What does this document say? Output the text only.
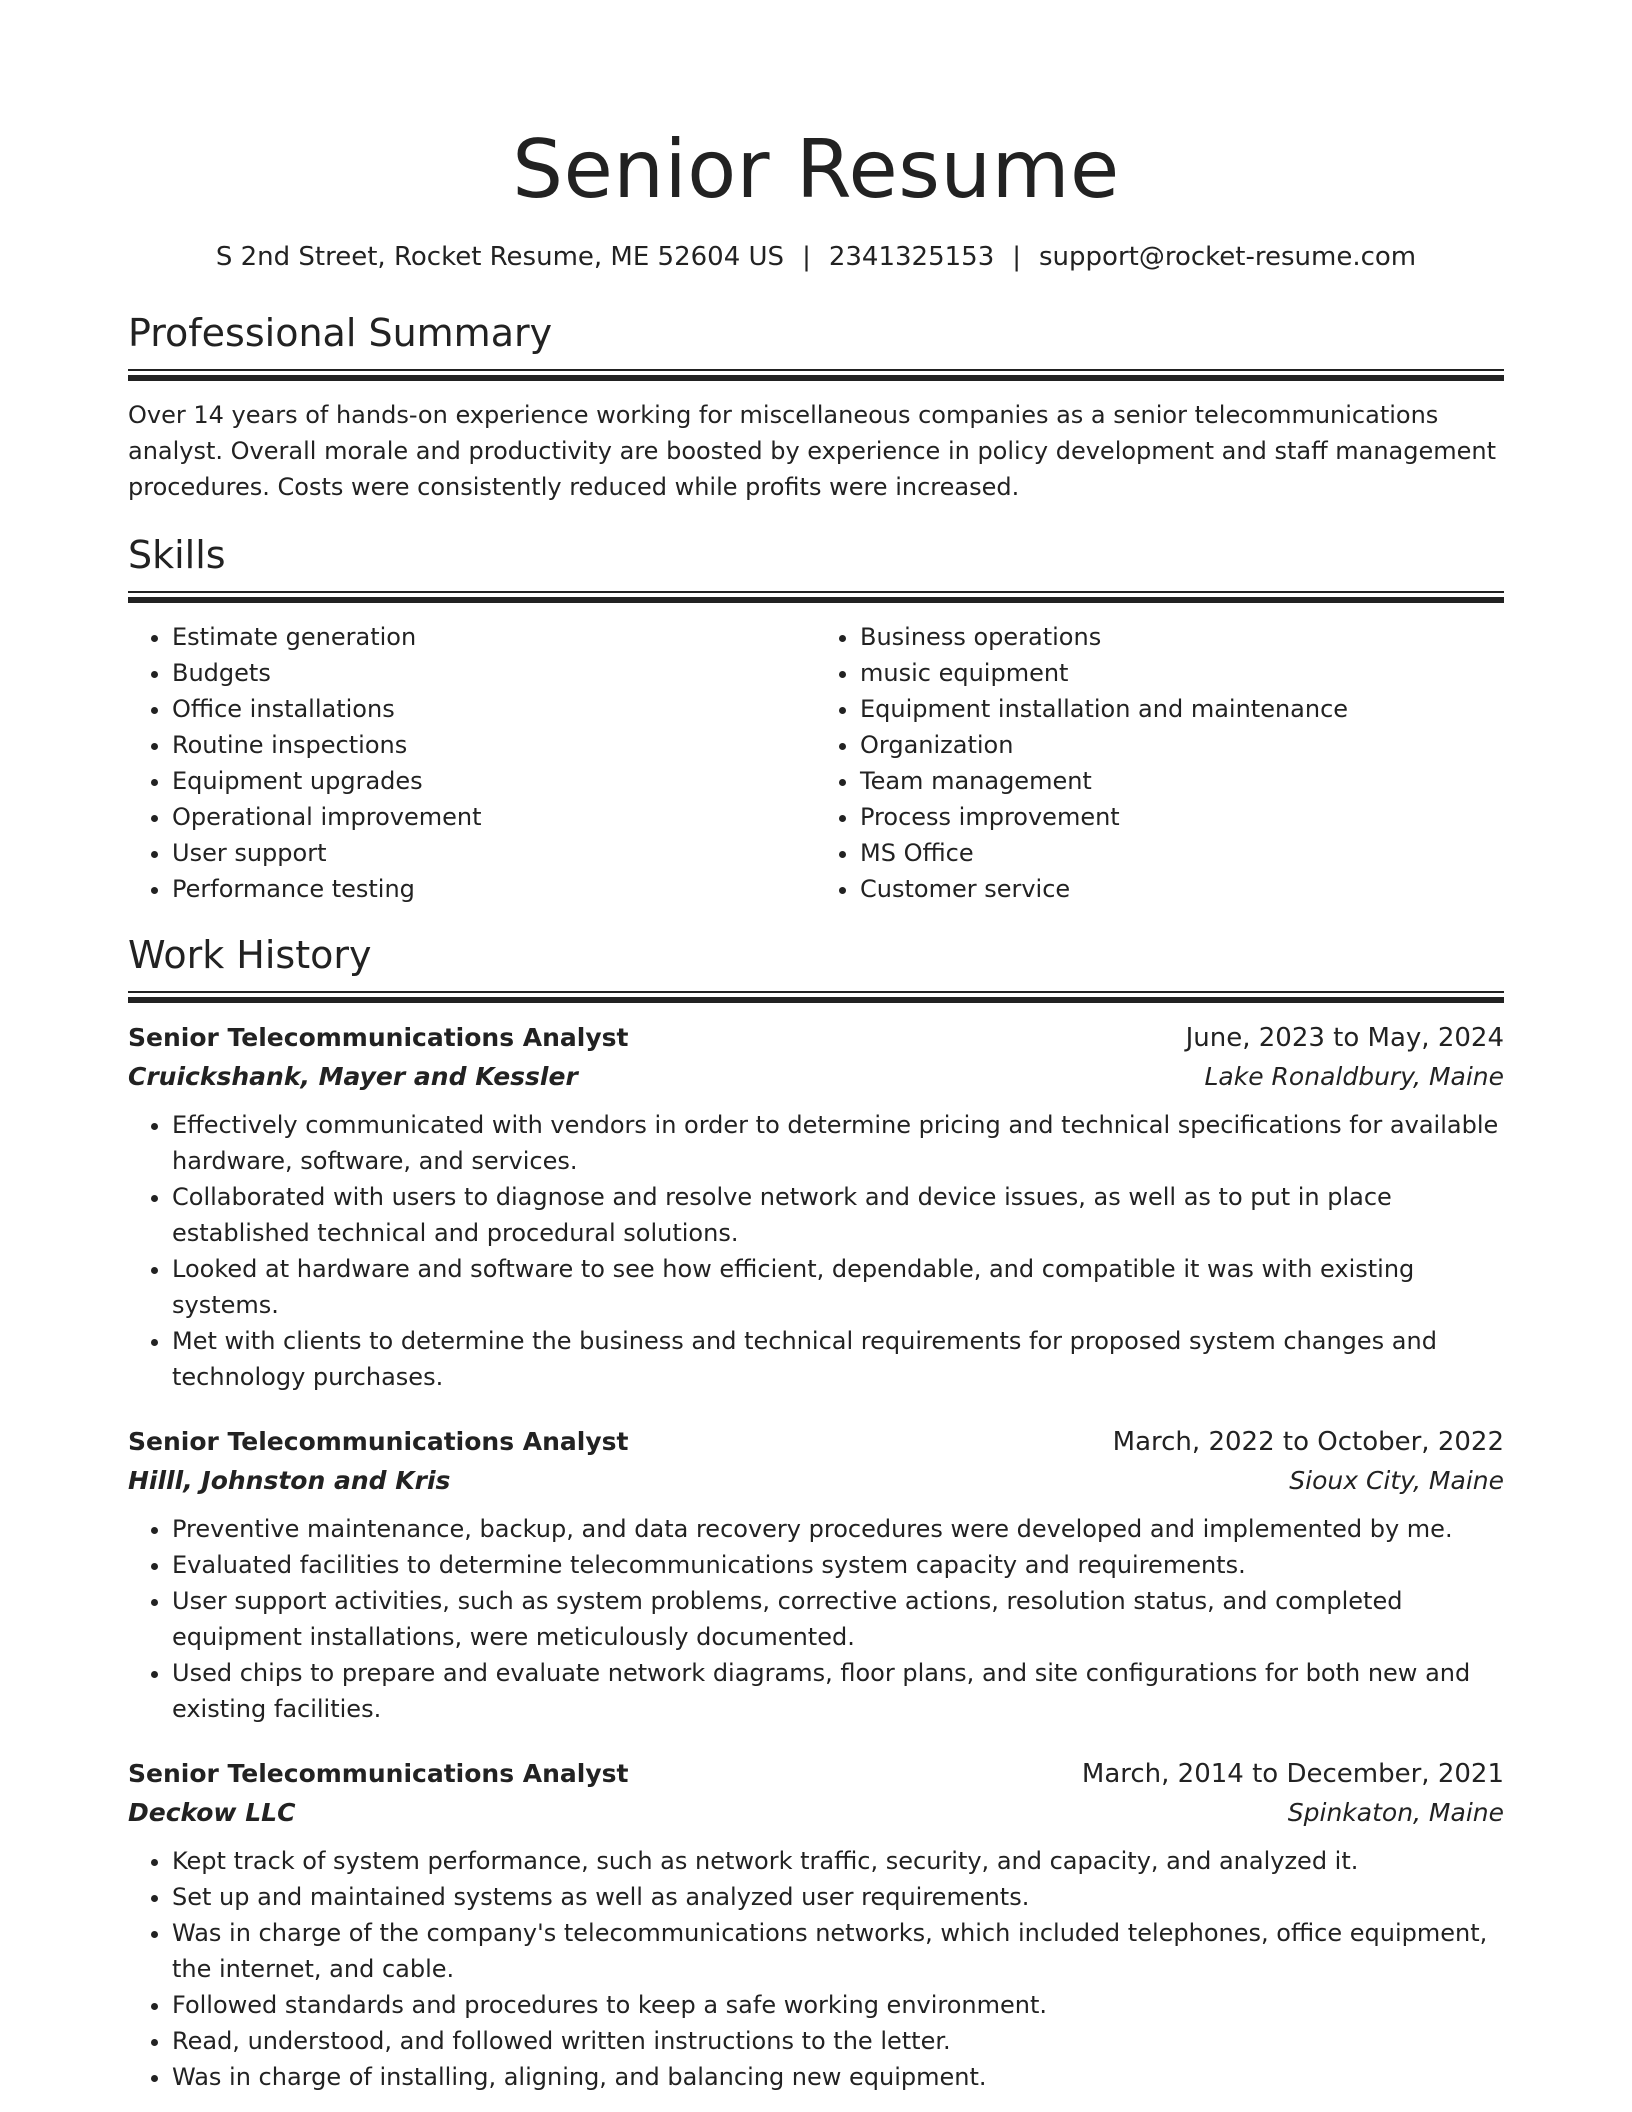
Senior Resume
S 2nd Street, Rocket Resume, ME 52604 US | 2341325153 | support@rocket-resume.com
Professional Summary

Over 14 years of hands-on experience working for miscellaneous companies as a senior telecommunications analyst. Overall morale and productivity are boosted by experience in policy development and staff management procedures. Costs were consistently reduced while profits were increased.

Skills
• Estimate generation
• Budgets
• Office installations
• Routine inspections
• Equipment upgrades
• Operational improvement
• User support
• Performance testing
• Business operations
• music equipment
• Equipment installation and maintenance
• Organization
• Team management
• Process improvement
• MS Office
• Customer service
Work History
Senior Telecommunications Analyst	June, 2023 to May, 2024
Cruickshank, Mayer and Kessler	Lake Ronaldbury, Maine
• Effectively communicated with vendors in order to determine pricing and technical specifications for available hardware, software, and services.
• Collaborated with users to diagnose and resolve network and device issues, as well as to put in place established technical and procedural solutions.
• Looked at hardware and software to see how efficient, dependable, and compatible it was with existing systems.
• Met with clients to determine the business and technical requirements for proposed system changes and technology purchases.
Senior Telecommunications Analyst	March, 2022 to October, 2022
Hilll, Johnston and Kris	Sioux City, Maine
• Preventive maintenance, backup, and data recovery procedures were developed and implemented by me.
• Evaluated facilities to determine telecommunications system capacity and requirements.
• User support activities, such as system problems, corrective actions, resolution status, and completed equipment installations, were meticulously documented.
• Used chips to prepare and evaluate network diagrams, floor plans, and site configurations for both new and existing facilities.
Senior Telecommunications Analyst	March, 2014 to December, 2021
Deckow LLC	Spinkaton, Maine
• Kept track of system performance, such as network traffic, security, and capacity, and analyzed it.
• Set up and maintained systems as well as analyzed user requirements.
• Was in charge of the company's telecommunications networks, which included telephones, office equipment, the internet, and cable.
• Followed standards and procedures to keep a safe working environment.
• Read, understood, and followed written instructions to the letter.
• Was in charge of installing, aligning, and balancing new equipment.
